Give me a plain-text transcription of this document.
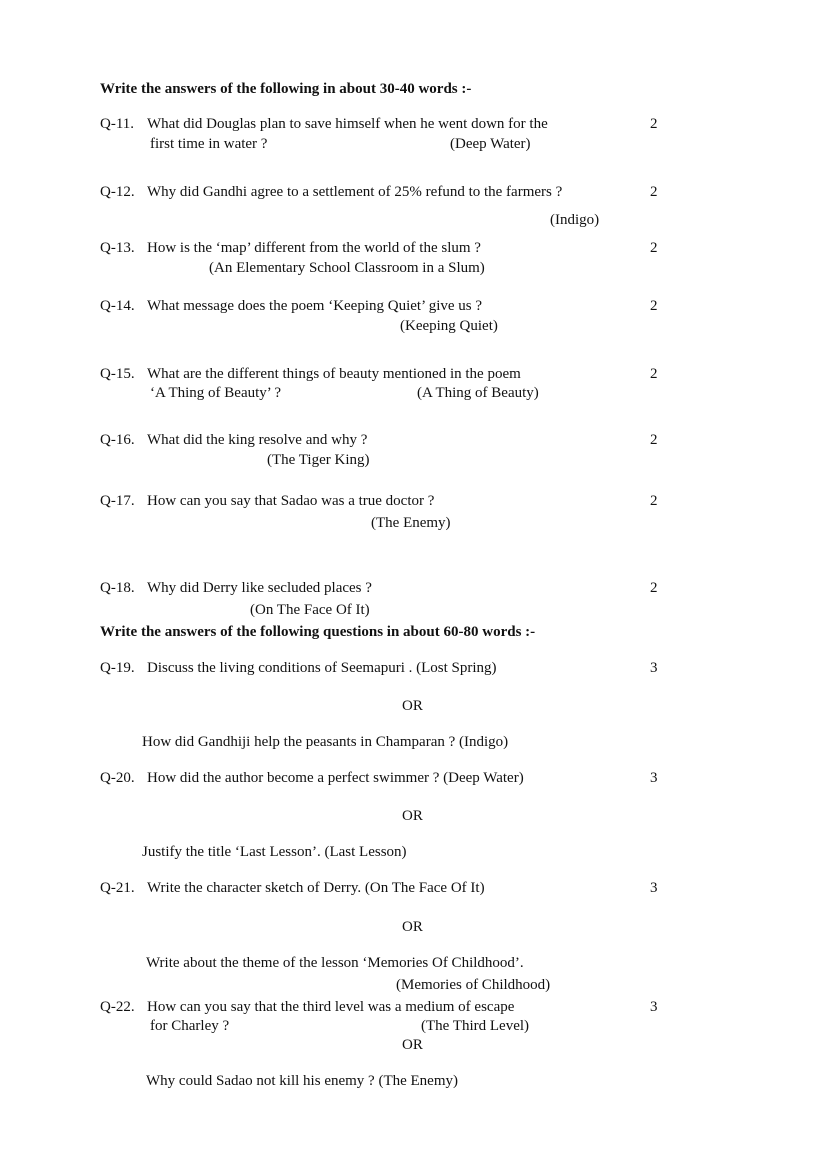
Write the answers of the following in about 30-40 words :-
Q-11. What did Douglas plan to save himself when he went down for the
first time in water ?	(Deep Water)
2
Q-12. Why did Gandhi agree to a settlement of 25% refund to the farmers ?
(Indigo)
2
Q-13. How is the ‘map’ different from the world of the slum ?
(An Elementary School Classroom in a Slum)
2
Q-14. What message does the poem ‘Keeping Quiet’ give us ?
(Keeping Quiet)
2
Q-15. What are the different things of beauty mentioned in the poem
‘A Thing of Beauty’ ?	(A Thing of Beauty)
2
Q-16. What did the king resolve and why ?
(The Tiger King)
2
Q-17. How can you say that Sadao was a true doctor ?
(The Enemy)
2
Q-18. Why did Derry like secluded places ?
(On The Face Of It)
2
Write the answers of the following questions in about 60-80 words :-
Q-19. Discuss the living conditions of Seemapuri . (Lost Spring)	3
OR
How did Gandhiji help the peasants in Champaran ? (Indigo)
Q-20. How did the author become a perfect swimmer ? (Deep Water)	3
OR
Justify the title ‘Last Lesson’. (Last Lesson)
Q-21. Write the character sketch of Derry. (On The Face Of It)	3
OR
Write about the theme of the lesson ‘Memories Of Childhood’.
(Memories of Childhood)
Q-22. How can you say that the third level was a medium of escape
for Charley ?	(The Third Level)
3
OR
Why could Sadao not kill his enemy ? (The Enemy)
